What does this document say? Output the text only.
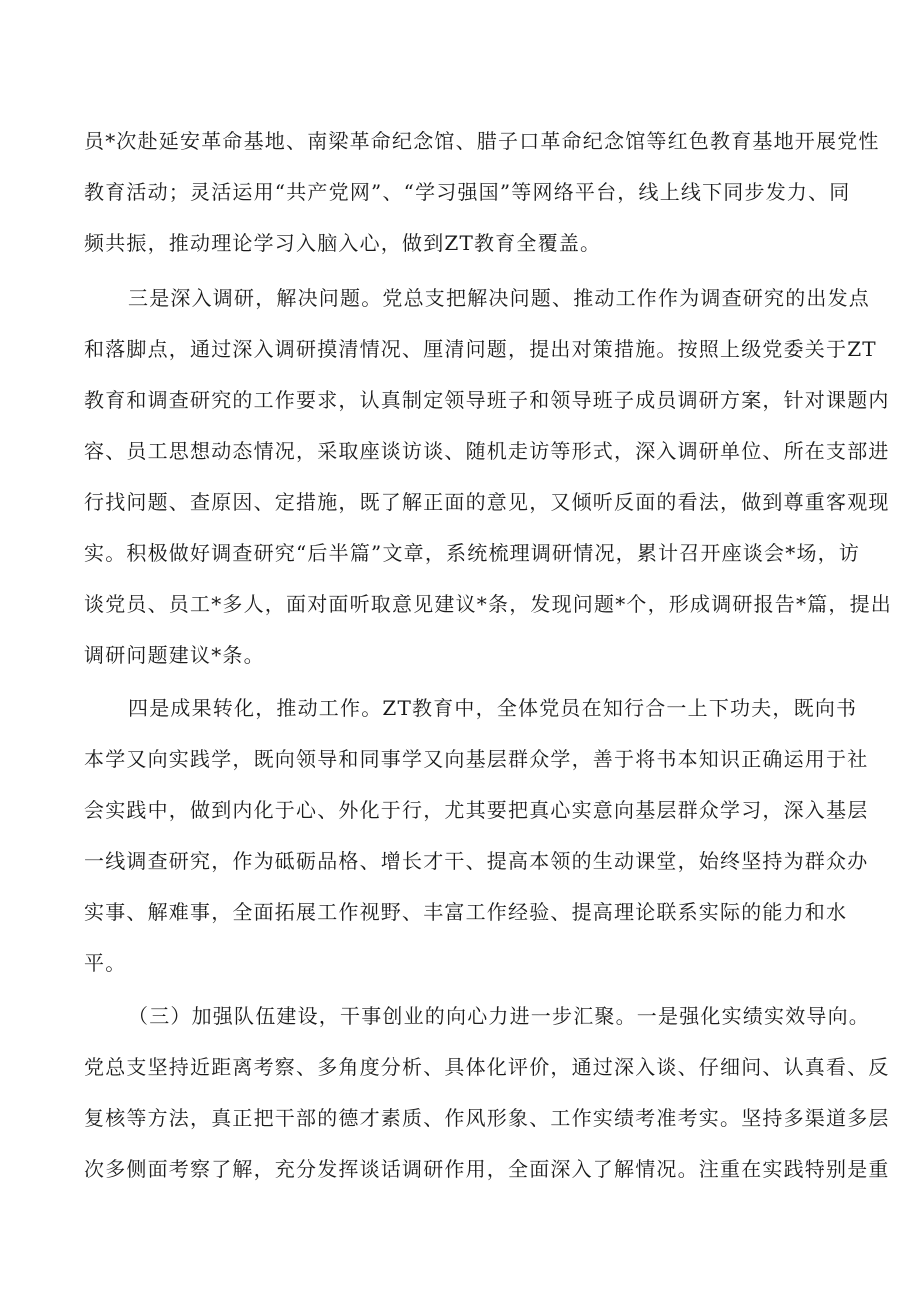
员*次赴延安革命基地、南梁革命纪念馆、腊子口革命纪念馆等红色教育基地开展党性
教育活动；灵活运用“共产党网”、“学习强国”等网络平台，线上线下同步发力、同
频共振，推动理论学习入脑入心，做到ZT教育全覆盖。
三是深入调研，解决问题。党总支把解决问题、推动工作作为调查研究的出发点
和落脚点，通过深入调研摸清情况、厘清问题，提出对策措施。按照上级党委关于ZT
教育和调查研究的工作要求，认真制定领导班子和领导班子成员调研方案，针对课题内
容、员工思想动态情况，采取座谈访谈、随机走访等形式，深入调研单位、所在支部进
行找问题、查原因、定措施，既了解正面的意见，又倾听反面的看法，做到尊重客观现
实。积极做好调查研究“后半篇”文章，系统梳理调研情况，累计召开座谈会*场，访
谈党员、员工*多人，面对面听取意见建议*条，发现问题*个，形成调研报告*篇，提出
调研问题建议*条。
四是成果转化，推动工作。ZT教育中，全体党员在知行合一上下功夫，既向书
本学又向实践学，既向领导和同事学又向基层群众学，善于将书本知识正确运用于社
会实践中，做到内化于心、外化于行，尤其要把真心实意向基层群众学习，深入基层
一线调查研究，作为砥砺品格、增长才干、提高本领的生动课堂，始终坚持为群众办
实事、解难事，全面拓展工作视野、丰富工作经验、提高理论联系实际的能力和水
平。
（三）加强队伍建设，干事创业的向心力进一步汇聚。一是强化实绩实效导向。
党总支坚持近距离考察、多角度分析、具体化评价，通过深入谈、仔细问、认真看、反
复核等方法，真正把干部的德才素质、作风形象、工作实绩考准考实。坚持多渠道多层
次多侧面考察了解，充分发挥谈话调研作用，全面深入了解情况。注重在实践特别是重
